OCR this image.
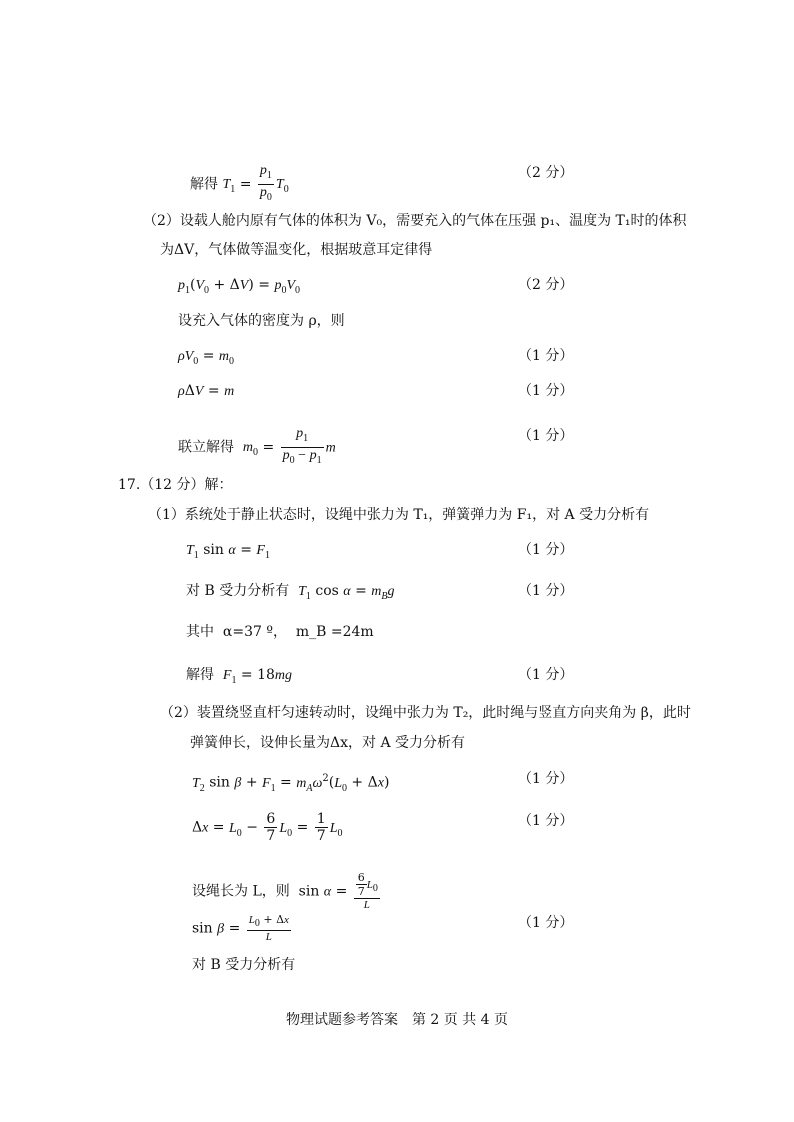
解得 $T_1 = \frac{p_1}{p_0} T_0$
（2 分）
（2）设载人舱内原有气体的体积为 V₀，需要充入的气体在压强 p₁、温度为 T₁时的体积
为ΔV，气体做等温变化，根据玻意耳定律得
$p_1(V_0 + \Delta V) = p_0V_0$	（2 分）
设充入气体的密度为 ρ，则
$\rho V_0 = m_0$	（1 分）
ρΔV = m	（1 分）
联立解得 $m_0 = \frac{p_1}{p_0 - p_1}$ m
（1 分）
17.（12 分）解：
（1）系统处于静止状态时，设绳中张力为 T₁，弹簧弹力为 F₁，对 A 受力分析有
$T_1$ $\sin \alpha = F_1$	（1 分）
对 B 受力分析有 $T_1$ $\cos \alpha = m_Bg$	（1 分）
其中 α=37 º， m_B =24m
解得 $F_1 = 18mg$	（1 分）
（2）装置绕竖直杆匀速转动时，设绳中张力为 T₂，此时绳与竖直方向夹角为 β，此时
弹簧伸长，设伸长量为Δx，对 A 受力分析有
$T_2$ $\sin \beta + F_1 = m_A\omega^2(L_0 + \Delta x)$	（1 分）
$\Delta x = L_0 - \frac{6}{7} L_0 = \frac{1}{7} L_0$
（1 分）
设绳长为 L，则  $\sin \alpha = \frac{\frac{6}{7} L_0}{L}$
$\sin \beta = \frac{L_0 + \Delta x}{L}$	（1 分）
对 B 受力分析有
物理试题参考答案　第 2 页 共 4 页
